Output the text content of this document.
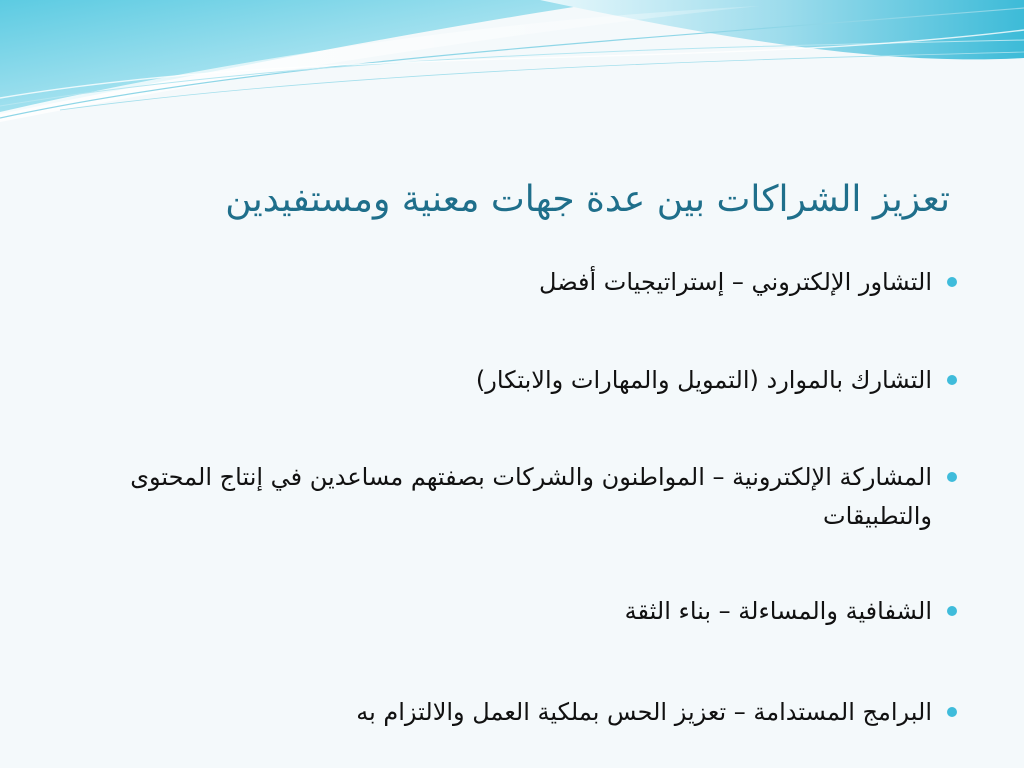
تعزيز الشراكات بين عدة جهات معنية ومستفيدين
التشاور الإلكتروني – إستراتيجيات أفضل
التشارك بالموارد (التمويل والمهارات والابتكار)
المشاركة الإلكترونية – المواطنون والشركات بصفتهم مساعدين في إنتاج المحتوى والتطبيقات
الشفافية والمساءلة – بناء الثقة
البرامج المستدامة – تعزيز الحس بملكية العمل والالتزام به
